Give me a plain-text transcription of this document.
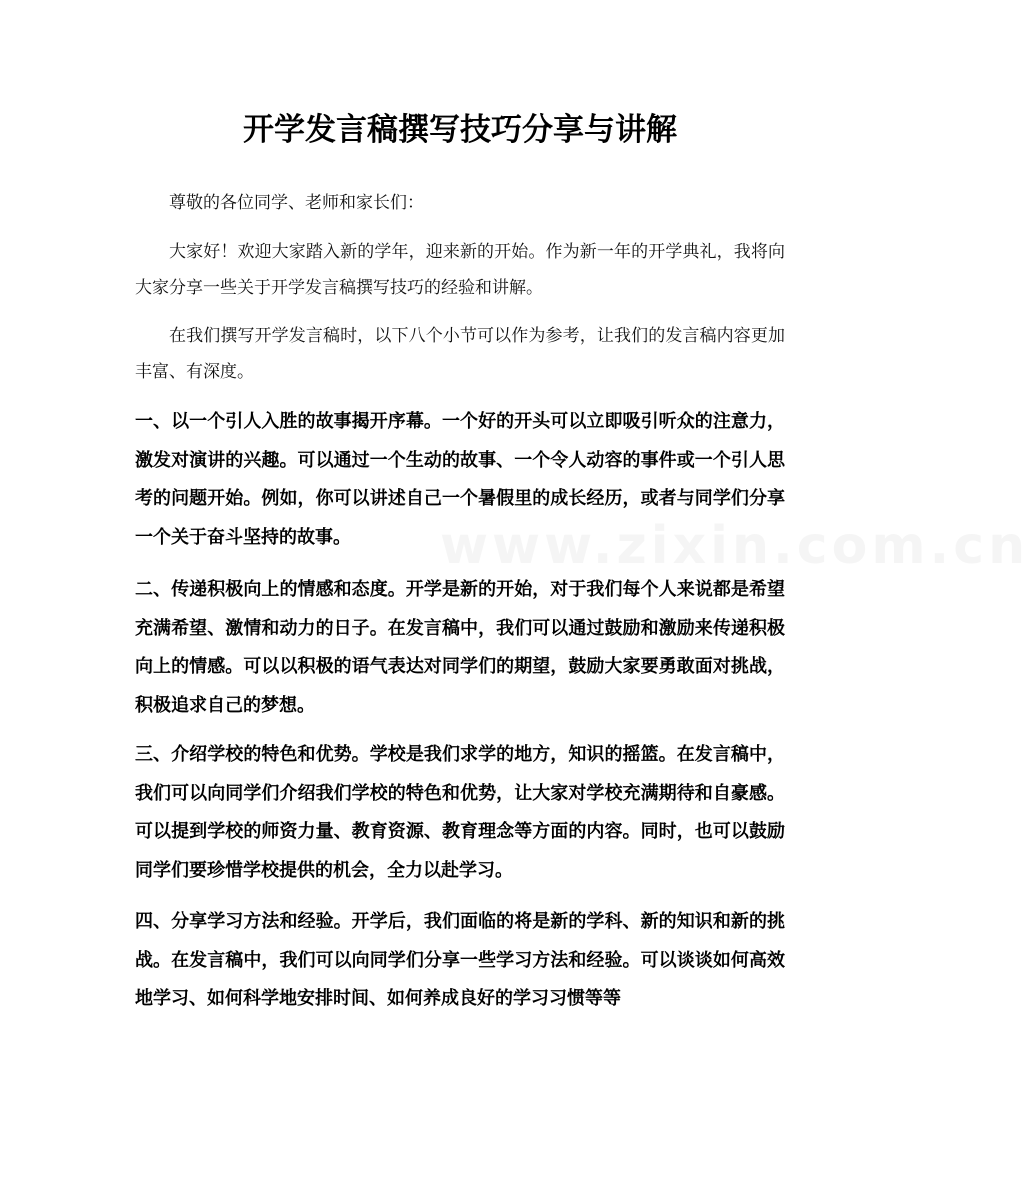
www.zixin.com.cn
开学发言稿撰写技巧分享与讲解

尊敬的各位同学、老师和家长们：

大家好！欢迎大家踏入新的学年，迎来新的开始。作为新一年的开学典礼，我将向大家分享一些关于开学发言稿撰写技巧的经验和讲解。

在我们撰写开学发言稿时，以下八个小节可以作为参考，让我们的发言稿内容更加丰富、有深度。

一、以一个引人入胜的故事揭开序幕。一个好的开头可以立即吸引听众的注意力，激发对演讲的兴趣。可以通过一个生动的故事、一个令人动容的事件或一个引人思考的问题开始。例如，你可以讲述自己一个暑假里的成长经历，或者与同学们分享一个关于奋斗坚持的故事。

二、传递积极向上的情感和态度。开学是新的开始，对于我们每个人来说都是希望充满希望、激情和动力的日子。在发言稿中，我们可以通过鼓励和激励来传递积极向上的情感。可以以积极的语气表达对同学们的期望，鼓励大家要勇敢面对挑战，积极追求自己的梦想。

三、介绍学校的特色和优势。学校是我们求学的地方，知识的摇篮。在发言稿中，我们可以向同学们介绍我们学校的特色和优势，让大家对学校充满期待和自豪感。可以提到学校的师资力量、教育资源、教育理念等方面的内容。同时，也可以鼓励同学们要珍惜学校提供的机会，全力以赴学习。

四、分享学习方法和经验。开学后，我们面临的将是新的学科、新的知识和新的挑战。在发言稿中，我们可以向同学们分享一些学习方法和经验。可以谈谈如何高效地学习、如何科学地安排时间、如何养成良好的学习习惯等等
